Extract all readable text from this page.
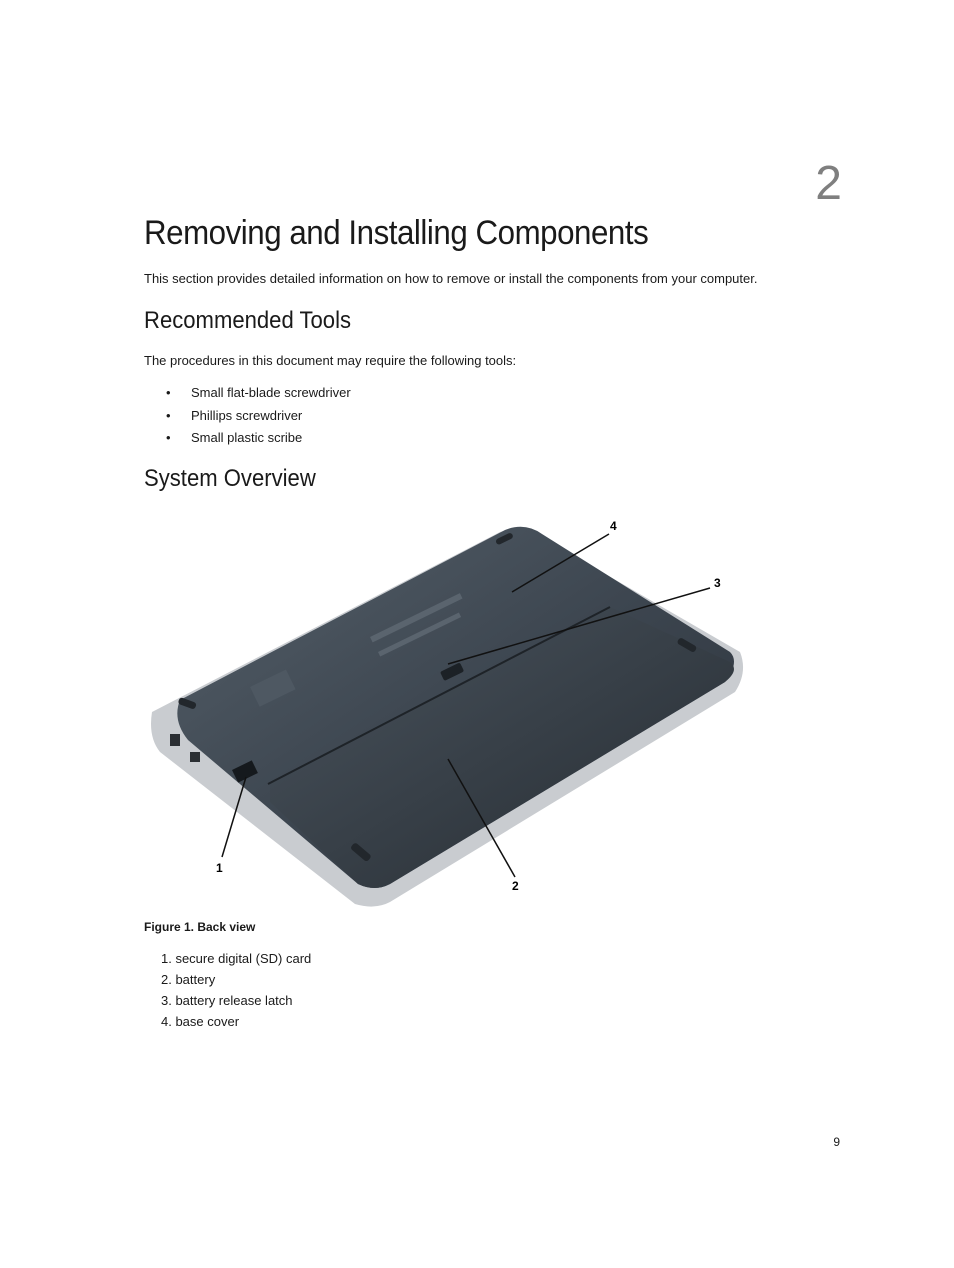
2
Removing and Installing Components
This section provides detailed information on how to remove or install the components from your computer.
Recommended Tools
The procedures in this document may require the following tools:
• Small flat-blade screwdriver
• Phillips screwdriver
• Small plastic scribe
System Overview
4
3
2
1
Figure 1. Back view
1. secure digital (SD) card
2. battery
3. battery release latch
4. base cover
9
